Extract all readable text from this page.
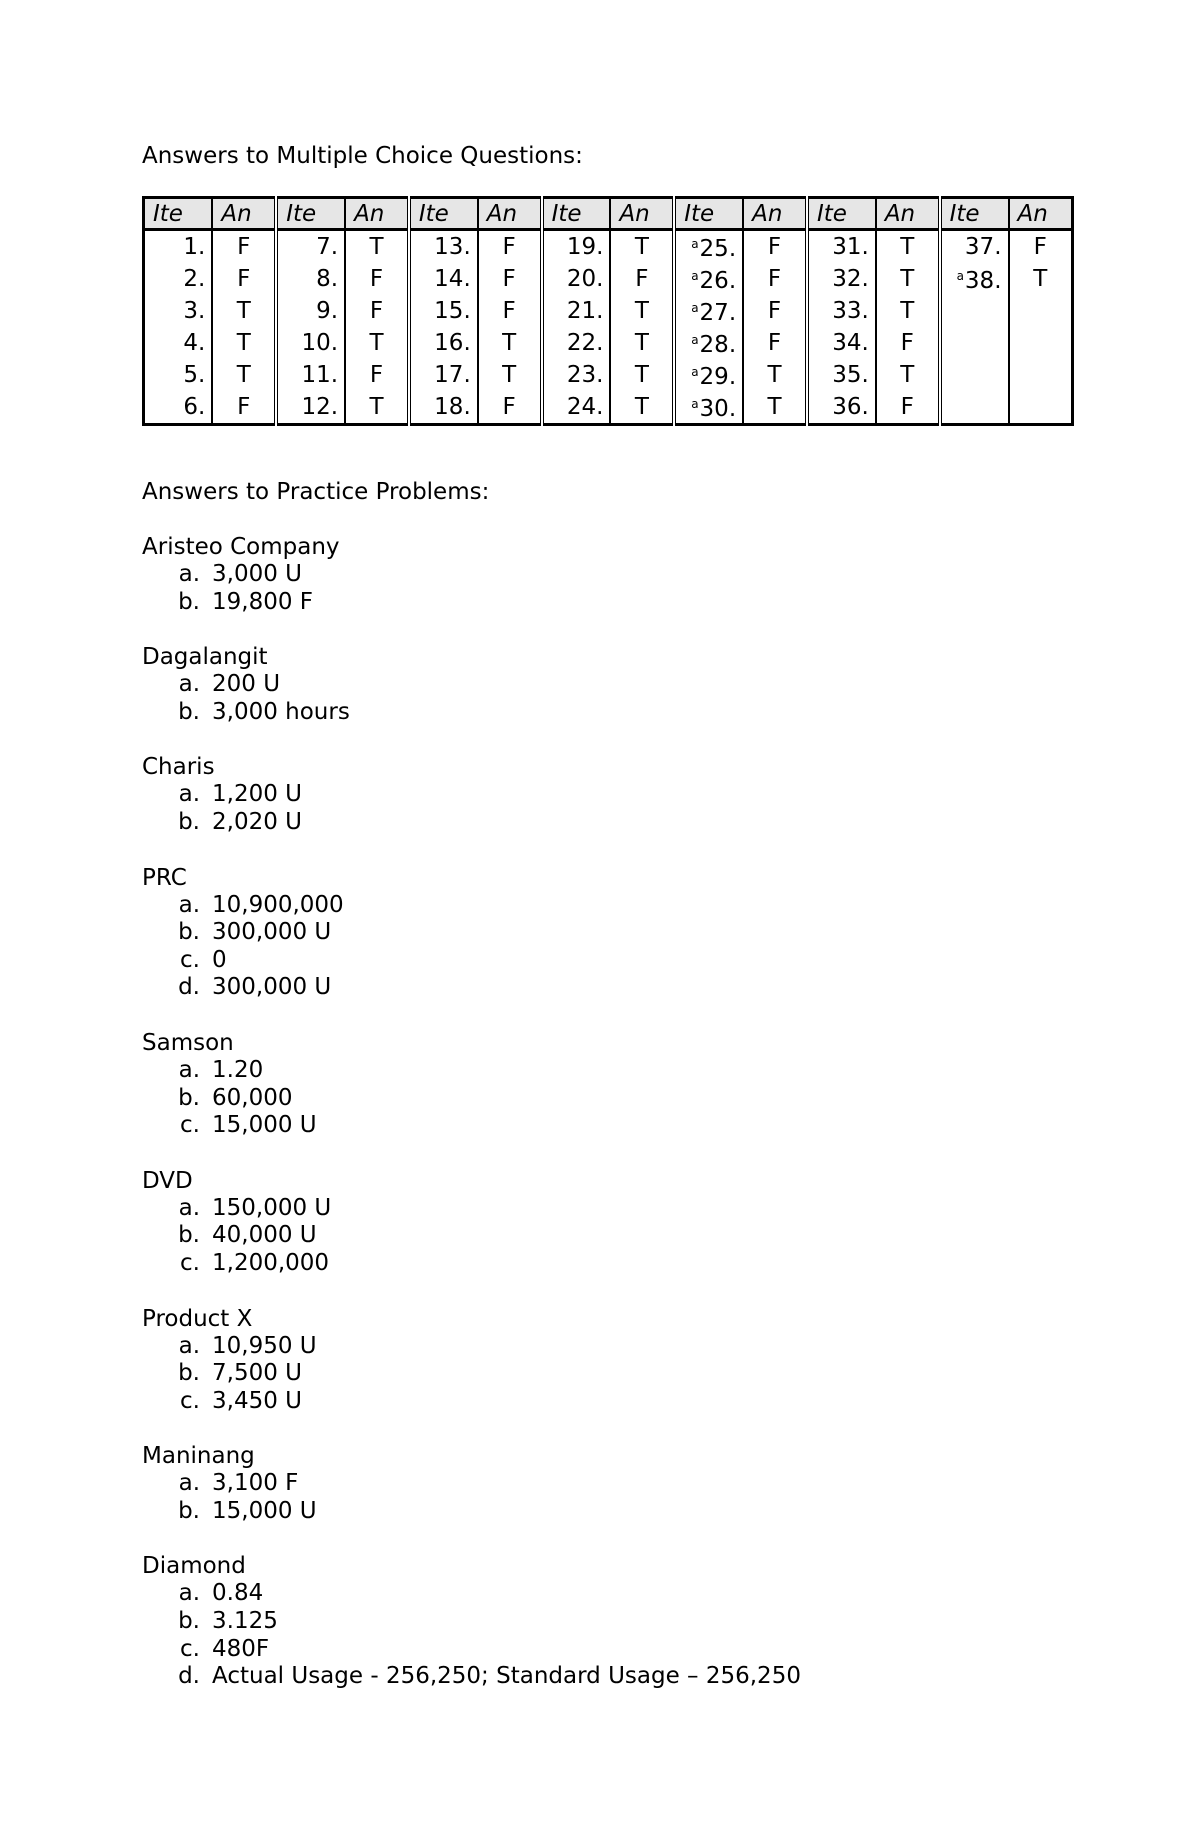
Answers to Multiple Choice Questions:

Ite	An	Ite	An	Ite	An	Ite	An	Ite	An	Ite	An	Ite	An
1.	F	7.	T	13.	F	19.	T	$^a$25.	F	31.	T	37.	F
2.	F	8.	F	14.	F	20.	F	$^a$26.	F	32.	T	$^a$38.	T
3.	T	9.	F	15.	F	21.	T	$^a$27.	F	33.	T		
4.	T	10.	T	16.	T	22.	T	$^a$28.	F	34.	F		
5.	T	11.	F	17.	T	23.	T	$^a$29.	T	35.	T		
6.	F	12.	T	18.	F	24.	T	$^a$30.	T	36.	F		

Answers to Practice Problems:

Aristeo Company
a. 3,000 U
b. 19,800 F
Dagalangit
a. 200 U
b. 3,000 hours
Charis
a. 1,200 U
b. 2,020 U
PRC
a. 10,900,000
b. 300,000 U
c. 0
d. 300,000 U
Samson
a. 1.20
b. 60,000
c. 15,000 U
DVD
a. 150,000 U
b. 40,000 U
c. 1,200,000
Product X
a. 10,950 U
b. 7,500 U
c. 3,450 U
Maninang
a. 3,100 F
b. 15,000 U
Diamond
a. 0.84
b. 3.125
c. 480F
d. Actual Usage - 256,250; Standard Usage – 256,250
